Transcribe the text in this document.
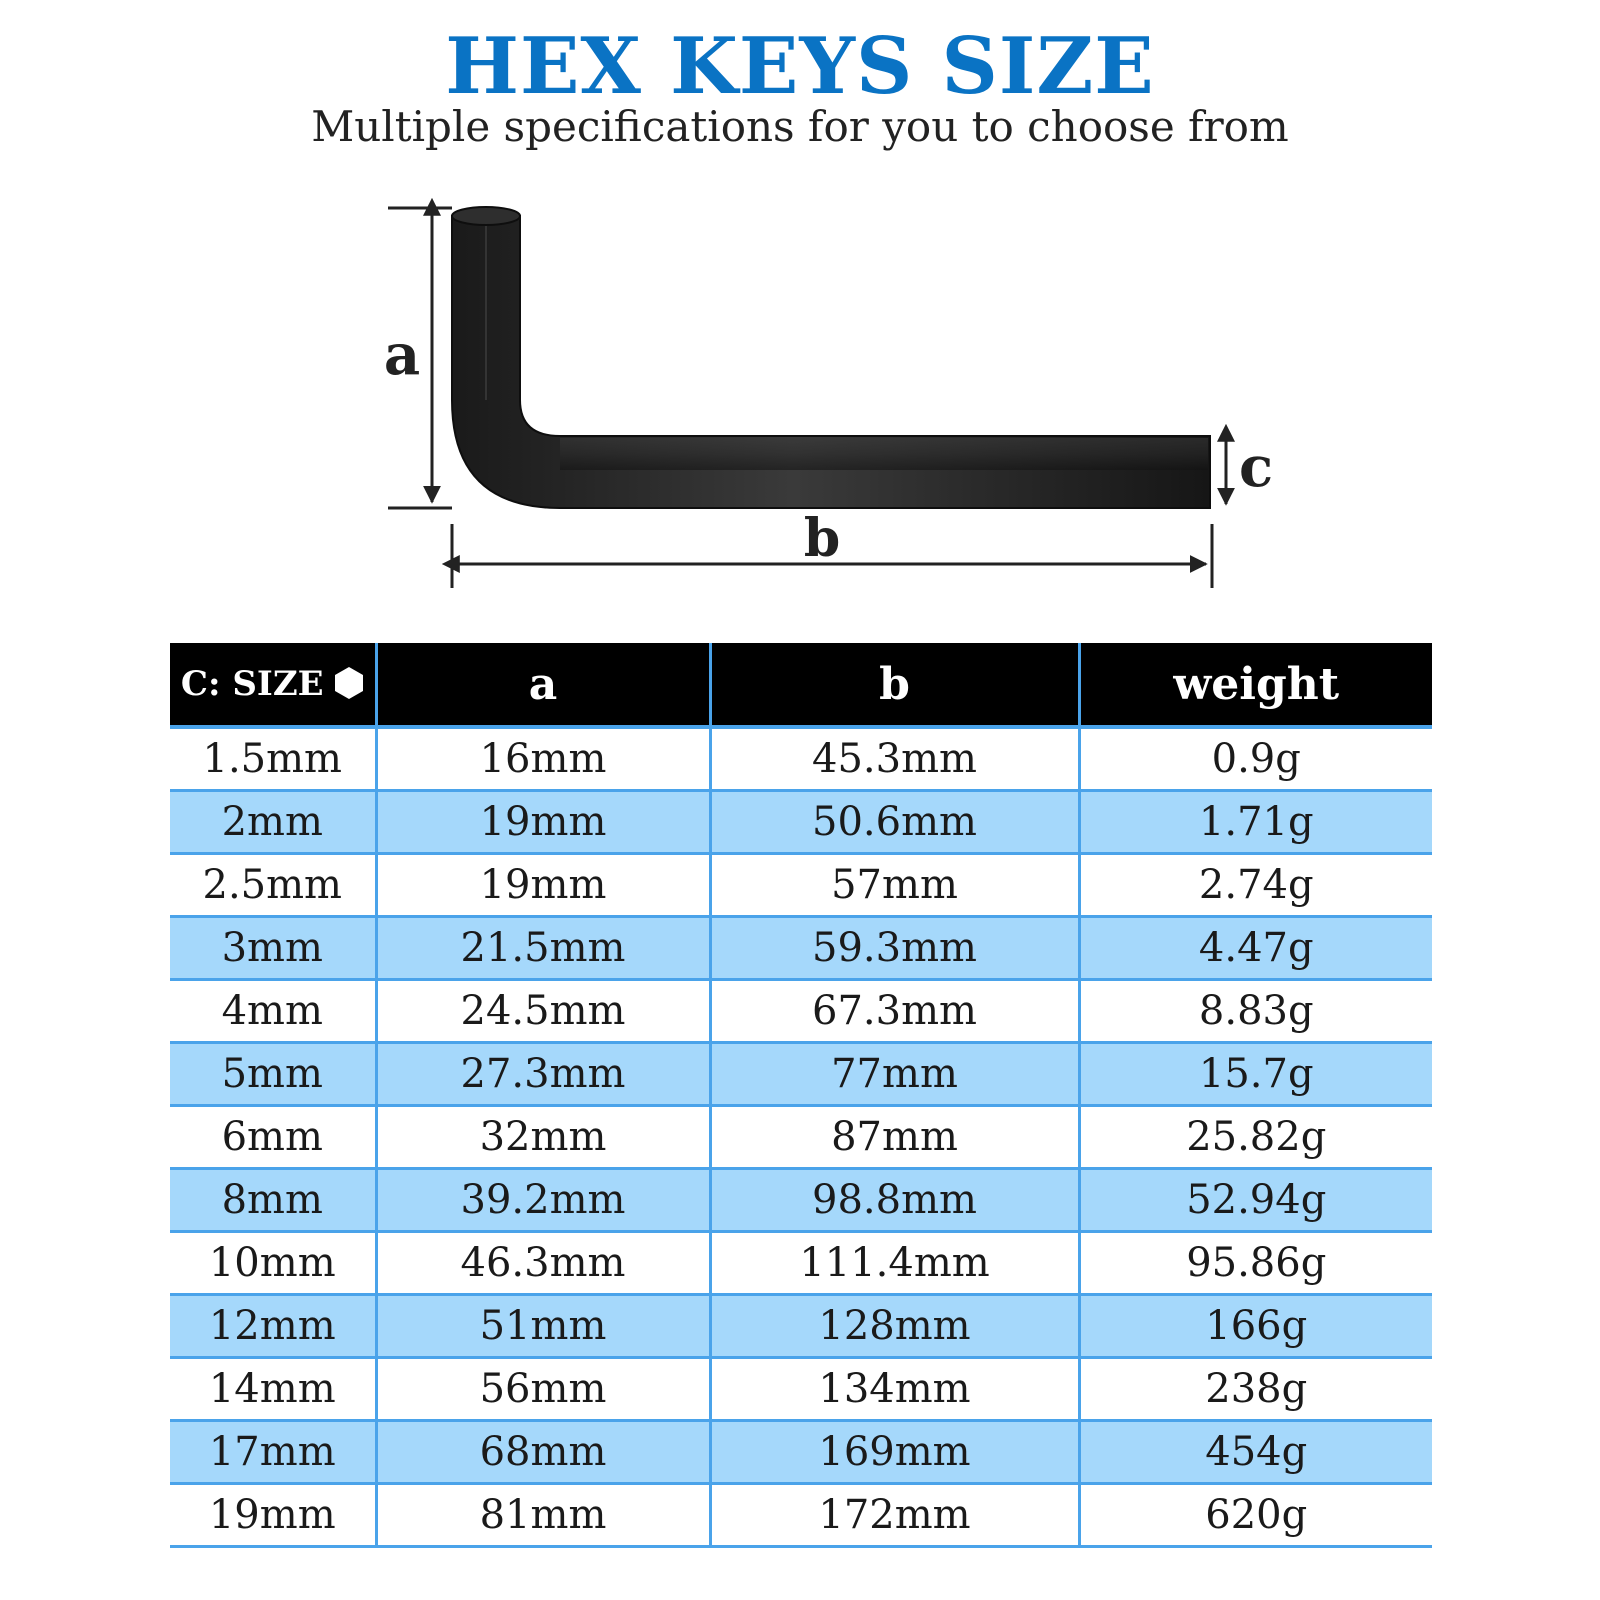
HEX KEYS SIZE
Multiple specifications for you to choose from
a
b
c
C: SIZE	a	b	weight
1.5mm	16mm	45.3mm	0.9g
2mm	19mm	50.6mm	1.71g
2.5mm	19mm	57mm	2.74g
3mm	21.5mm	59.3mm	4.47g
4mm	24.5mm	67.3mm	8.83g
5mm	27.3mm	77mm	15.7g
6mm	32mm	87mm	25.82g
8mm	39.2mm	98.8mm	52.94g
10mm	46.3mm	111.4mm	95.86g
12mm	51mm	128mm	166g
14mm	56mm	134mm	238g
17mm	68mm	169mm	454g
19mm	81mm	172mm	620g
